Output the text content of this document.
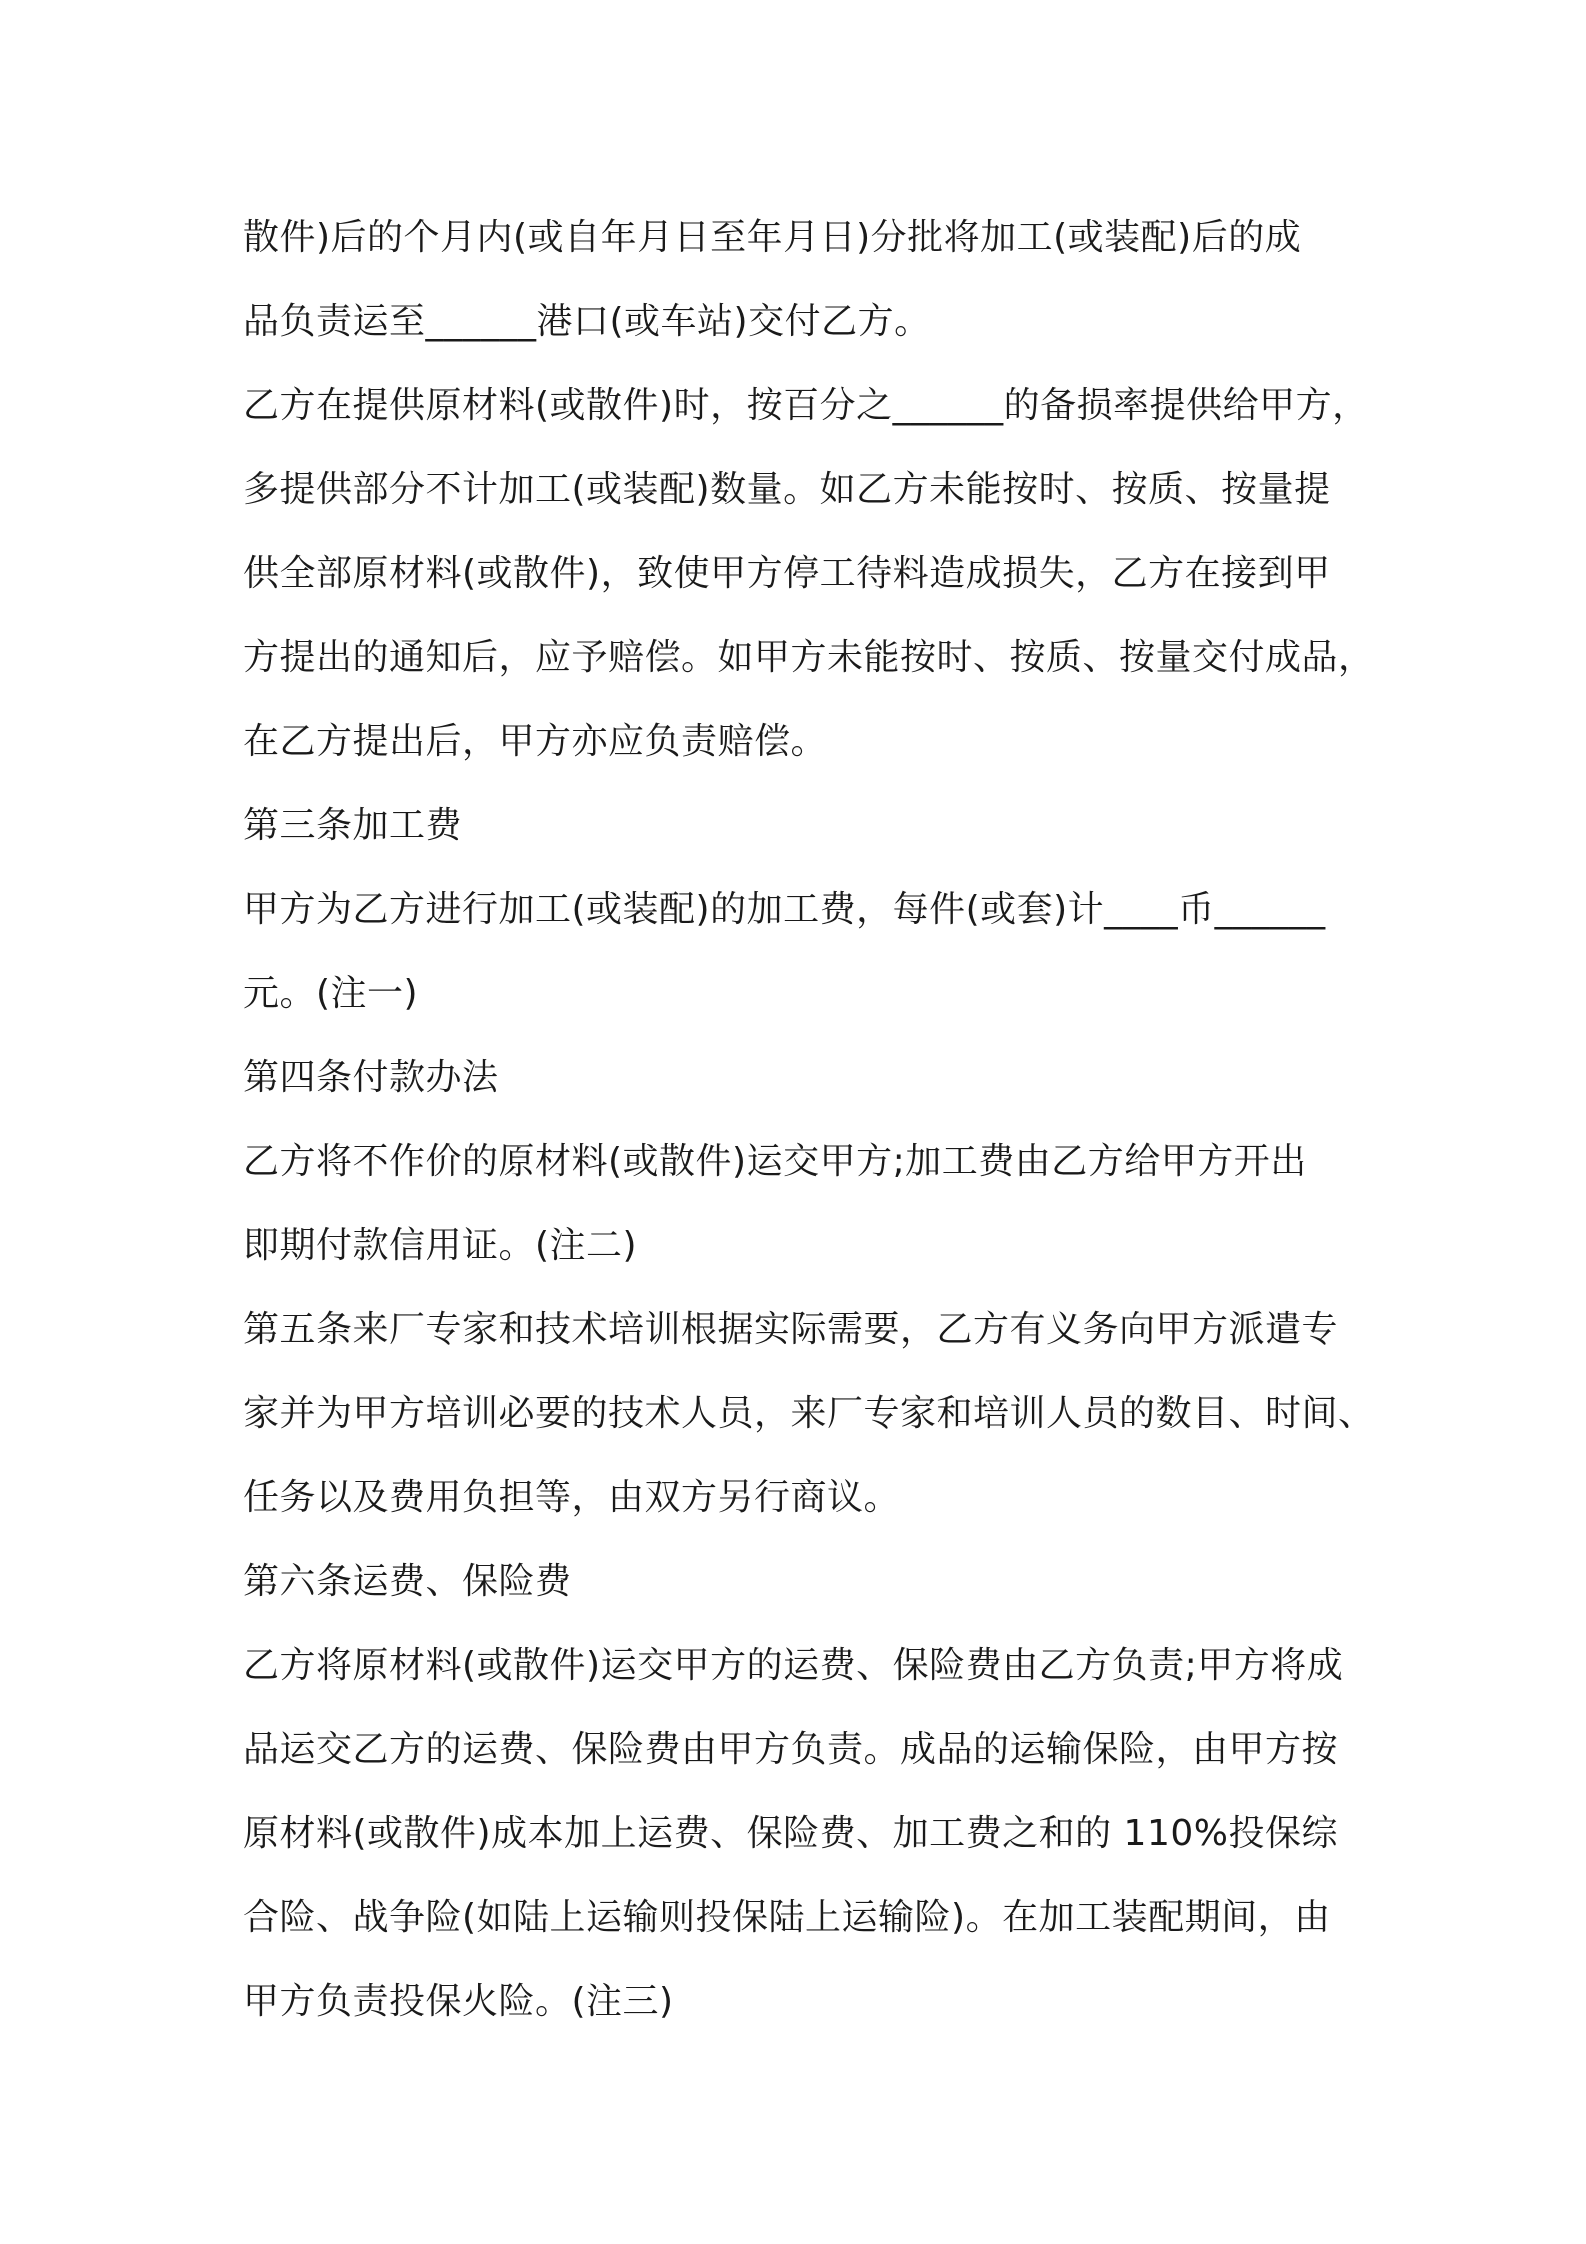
散件)后的个月内(或自年月日至年月日)分批将加工(或装配)后的成
品负责运至______港口(或车站)交付乙方。
乙方在提供原材料(或散件)时，按百分之______的备损率提供给甲方，
多提供部分不计加工(或装配)数量。如乙方未能按时、按质、按量提
供全部原材料(或散件)，致使甲方停工待料造成损失，乙方在接到甲
方提出的通知后，应予赔偿。如甲方未能按时、按质、按量交付成品，
在乙方提出后，甲方亦应负责赔偿。
第三条加工费
甲方为乙方进行加工(或装配)的加工费，每件(或套)计____币______
元。(注一)
第四条付款办法
乙方将不作价的原材料(或散件)运交甲方;加工费由乙方给甲方开出
即期付款信用证。(注二)
第五条来厂专家和技术培训根据实际需要，乙方有义务向甲方派遣专
家并为甲方培训必要的技术人员，来厂专家和培训人员的数目、时间、
任务以及费用负担等，由双方另行商议。
第六条运费、保险费
乙方将原材料(或散件)运交甲方的运费、保险费由乙方负责;甲方将成
品运交乙方的运费、保险费由甲方负责。成品的运输保险，由甲方按
原材料(或散件)成本加上运费、保险费、加工费之和的 110%投保综
合险、战争险(如陆上运输则投保陆上运输险)。在加工装配期间，由
甲方负责投保火险。(注三)
